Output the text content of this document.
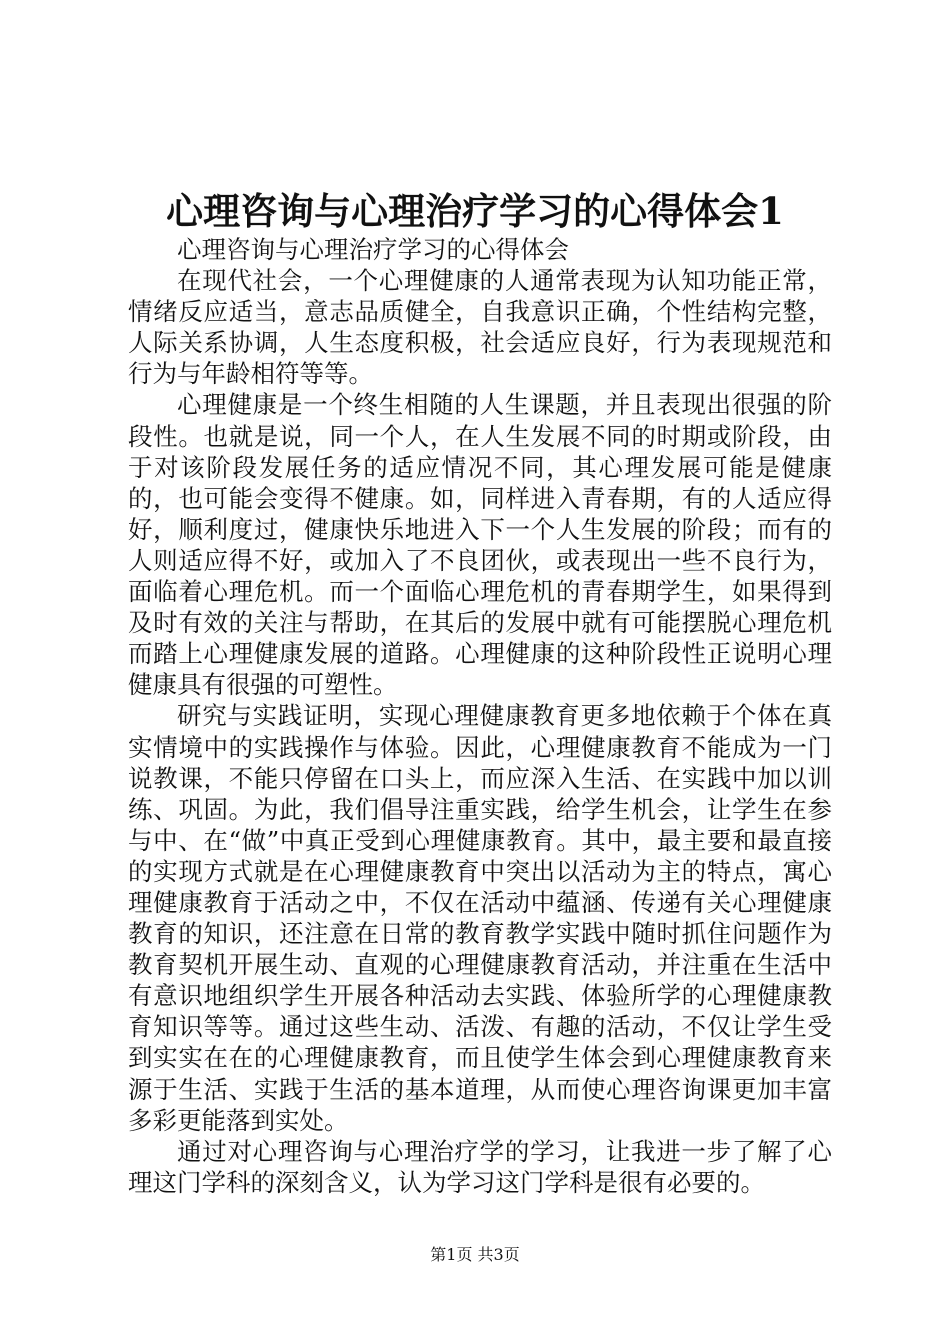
心理咨询与心理治疗学习的心得体会1

心理咨询与心理治疗学习的心得体会

在现代社会，一个心理健康的人通常表现为认知功能正常，情绪反应适当，意志品质健全，自我意识正确，个性结构完整，人际关系协调，人生态度积极，社会适应良好，行为表现规范和行为与年龄相符等等。

心理健康是一个终生相随的人生课题，并且表现出很强的阶段性。也就是说，同一个人，在人生发展不同的时期或阶段，由于对该阶段发展任务的适应情况不同，其心理发展可能是健康的，也可能会变得不健康。如，同样进入青春期，有的人适应得好，顺利度过，健康快乐地进入下一个人生发展的阶段；而有的人则适应得不好，或加入了不良团伙，或表现出一些不良行为，面临着心理危机。而一个面临心理危机的青春期学生，如果得到及时有效的关注与帮助，在其后的发展中就有可能摆脱心理危机而踏上心理健康发展的道路。心理健康的这种阶段性正说明心理健康具有很强的可塑性。

研究与实践证明，实现心理健康教育更多地依赖于个体在真实情境中的实践操作与体验。因此，心理健康教育不能成为一门说教课，不能只停留在口头上，而应深入生活、在实践中加以训练、巩固。为此，我们倡导注重实践，给学生机会，让学生在参与中、在“做”中真正受到心理健康教育。其中，最主要和最直接的实现方式就是在心理健康教育中突出以活动为主的特点，寓心理健康教育于活动之中，不仅在活动中蕴涵、传递有关心理健康教育的知识，还注意在日常的教育教学实践中随时抓住问题作为教育契机开展生动、直观的心理健康教育活动，并注重在生活中有意识地组织学生开展各种活动去实践、体验所学的心理健康教育知识等等。通过这些生动、活泼、有趣的活动，不仅让学生受到实实在在的心理健康教育，而且使学生体会到心理健康教育来源于生活、实践于生活的基本道理，从而使心理咨询课更加丰富多彩更能落到实处。

通过对心理咨询与心理治疗学的学习，让我进一步了解了心理这门学科的深刻含义，认为学习这门学科是很有必要的。

第1页 共3页
